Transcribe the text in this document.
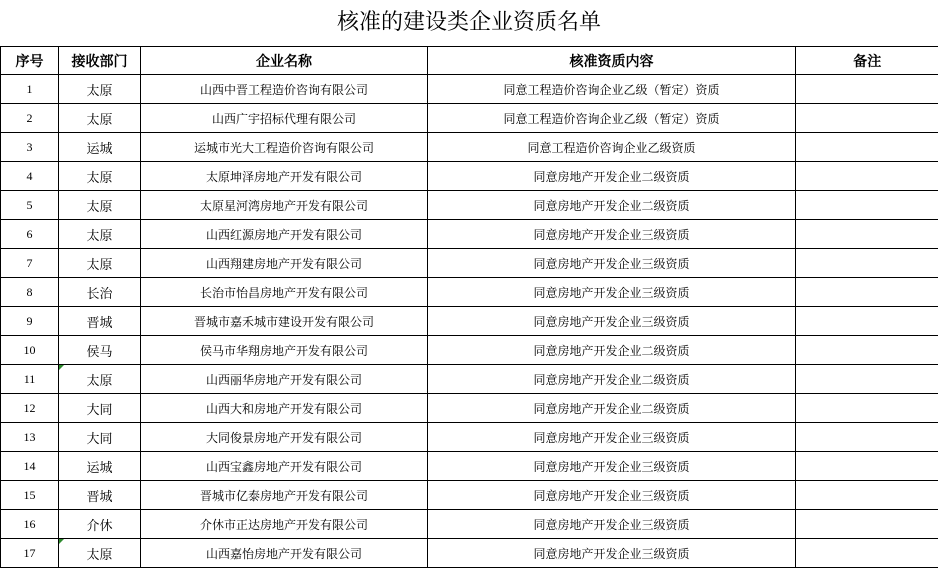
核准的建设类企业资质名单
序号	接收部门	企业名称	核准资质内容	备注
1	太原	山西中晋工程造价咨询有限公司	同意工程造价咨询企业乙级（暂定）资质	
2	太原	山西广宇招标代理有限公司	同意工程造价咨询企业乙级（暂定）资质	
3	运城	运城市光大工程造价咨询有限公司	同意工程造价咨询企业乙级资质	
4	太原	太原坤泽房地产开发有限公司	同意房地产开发企业二级资质	
5	太原	太原星河湾房地产开发有限公司	同意房地产开发企业二级资质	
6	太原	山西红源房地产开发有限公司	同意房地产开发企业三级资质	
7	太原	山西翔建房地产开发有限公司	同意房地产开发企业三级资质	
8	长治	长治市怡昌房地产开发有限公司	同意房地产开发企业三级资质	
9	晋城	晋城市嘉禾城市建设开发有限公司	同意房地产开发企业三级资质	
10	侯马	侯马市华翔房地产开发有限公司	同意房地产开发企业二级资质	
11	太原	山西丽华房地产开发有限公司	同意房地产开发企业二级资质	
12	大同	山西大和房地产开发有限公司	同意房地产开发企业二级资质	
13	大同	大同俊景房地产开发有限公司	同意房地产开发企业三级资质	
14	运城	山西宝鑫房地产开发有限公司	同意房地产开发企业三级资质	
15	晋城	晋城市亿泰房地产开发有限公司	同意房地产开发企业三级资质	
16	介休	介休市正达房地产开发有限公司	同意房地产开发企业三级资质	
17	太原	山西嘉怡房地产开发有限公司	同意房地产开发企业三级资质	
